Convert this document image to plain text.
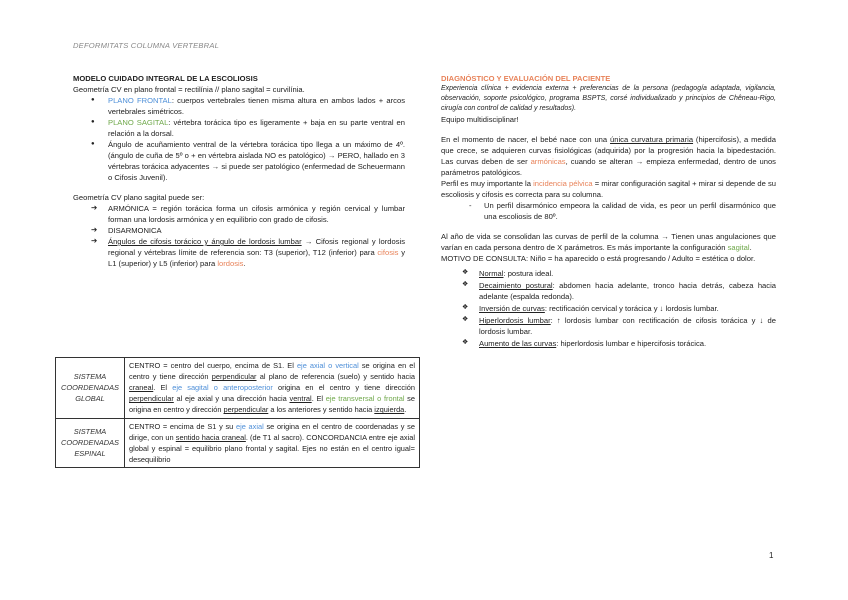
DEFORMITATS COLUMNA VERTEBRAL

MODELO CUIDADO INTEGRAL DE LA ESCOLIOSIS

Geometría CV en plano frontal = rectilínia // plano sagital = curvilínia.

● PLANO FRONTAL: cuerpos vertebrales tienen misma altura en ambos lados + arcos vertebrales simétricos.
● PLANO SAGITAL: vértebra torácica tipo es ligeramente + baja en su parte ventral en relación a la dorsal.
● Ángulo de acuñamiento ventral de la vértebra torácica tipo llega a un máximo de 4º. (ángulo de cuña de 5º o + en vértebra aislada NO es patológico) → PERO, hallado en 3 vértebras torácica adyacentes → si puede ser patológico (enfermedad de Scheuermann o Cifosis Juvenil).

Geometría CV plano sagital puede ser:

➔ ARMÓNICA = región torácica forma un cifosis armónica y región cervical y lumbar forman una lordosis armónica y en equilibrio con grado de cifosis.
➔ DISARMONICA
➔ Ángulos de cifosis torácico y ángulo de lordosis lumbar → Cifosis regional y lordosis regional y vértebras límite de referencia son: T3 (superior), T12 (inferior) para cifosis y L1 (superior) y L5 (inferior) para lordosis.
SISTEMA COORDENADAS GLOBAL	CENTRO = centro del cuerpo, encima de S1. El eje axial o vertical se origina en el centro y tiene dirección perpendicular al plano de referencia (suelo) y sentido hacia craneal. El eje sagital o anteroposterior origina en el centro y tiene dirección perpendicular al eje axial y una dirección hacia ventral. El eje transversal o frontal se origina en centro y dirección perpendicular a los anteriores y sentido hacia izquierda.
SISTEMA COORDENADAS ESPINAL	CENTRO = encima de S1 y su eje axial se origina en el centro de coordenadas y se dirige, con un sentido hacia craneal. (de T1 al sacro). CONCORDANCIA entre eje axial global y espinal = equilibrio plano frontal y sagital. Ejes no están en el centro igual= desequilibrio

DIAGNÓSTICO Y EVALUACIÓN DEL PACIENTE

Experiencia clínica + evidencia externa + preferencias de la persona (pedagogía adaptada, vigilancia, observación, soporte psicológico, programa BSPTS, corsé individualizado y principios de Chêneau-Rigo, cirugía con control de calidad y resultados).

Equipo multidisciplinar!

En el momento de nacer, el bebé nace con una única curvatura primaria (hipercifosis), a medida que crece, se adquieren curvas fisiológicas (adquirida) por la progresión hacia la bipedestación. Las curvas deben de ser armónicas, cuando se alteran → empieza enfermedad, dentro de unos parámetros patológicos.

Perfil es muy importante la incidencia pélvica = mirar configuración sagital + mirar si depende de su escoliosis y cifosis es correcta para su columna.

- Un perfil disarmónico empeora la calidad de vida, es peor un perfil disarmónico que una escoliosis de 80º.

Al año de vida se consolidan las curvas de perfil de la columna → Tienen unas angulaciones que varían en cada persona dentro de X parámetros. Es más importante la configuración sagital.

MOTIVO DE CONSULTA: Niño = ha aparecido o está progresando / Adulto = estética o dolor.

❖ Normal: postura ideal.
❖ Decaimiento postural: abdomen hacia adelante, tronco hacia detrás, cabeza hacia adelante (espalda redonda).
❖ Inversión de curvas: rectificación cervical y torácica y ↓ lordosis lumbar.
❖ Hiperlordosis lumbar: ↑ lordosis lumbar con rectificación de cifosis torácica y ↓ de lordosis lumbar.
❖ Aumento de las curvas: hiperlordosis lumbar e hipercifosis torácica.
1
